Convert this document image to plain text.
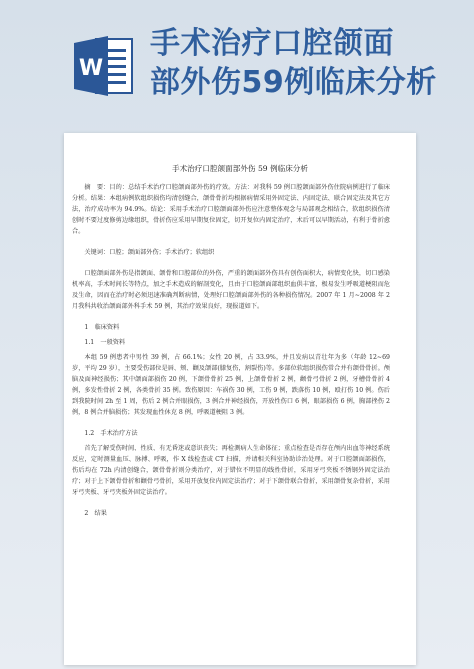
W
手术治疗口腔颌面
部外伤59例临床分析
手术治疗口腔颌面部外伤 59 例临床分析

摘　要：目的：总结手术治疗口腔颌面部外伤的疗效。方法：对我科 59 例口腔颌面部外伤住院病例进行了临床分析。结果：本组病例软组织损伤均清创缝合，颌骨骨折均根据病情采用外固定法、内固定法、联合固定法及其它方法，治疗成功率为 94.9%。结论：采用手术治疗口腔颌面部外伤应注意整体观念与局部观念相结合，软组织损伤清创时不要过度修剪边缘组织，骨折伤应采用早期复位固定，切开复位内固定治疗，术后可以早期活动，有利于骨折愈合。

关键词：口腔；颌面部外伤；手术治疗；软组织

口腔颌面部外伤是指颌面、颌骨和口腔部位的外伤，严重的颌面部外伤具有创伤面积大，病情变化快，切口感染机率高，手术时间长等特点，加之手术造成的解剖变化，且由于口腔颌面部组织血供丰富，极易发生呼吸道梗阻而危及生命，因而在治疗时必须迅速准确判断病情，处理好口腔颌面部外伤的各种损伤情况。2007 年 1 月~2008 年 2 月我科共收治颌面部外科手术 59 例，其治疗效果良好，现报道如下。

1　临床资料

1.1　一般资料

本组 59 例患者中男性 39 例，占 66.1%；女性 20 例，占 33.9%，并且发病以青壮年为多（年龄 12~69 岁，平均 29 岁），主要受伤部位是唇、颊、颧及颌部(膝复伤，割裂伤)等。多部位软组织损伤常合并有颌骨骨折。颅脑及面神经损伤；其中颌面部损伤 20 例，下颌骨骨折 25 例，上颌骨骨折 2 例，颧骨弓骨折 2 例，牙槽骨骨折 4 例，多发性骨折 2 例，各类骨折 35 例。致伤原因：车祸伤 30 例，工伤 9 例，跌落伤 10 例，殴打伤 10 例。伤后到我院时间 2h 至 1 周，伤后 2 例合并眼损伤，3 例合并神经损伤，开放性伤口 6 例，眼部损伤 6 例，胸部挫伤 2 例，8 例合并脑损伤；其发现血性休克 8 例，呼吸道梗阻 3 例。

1.2　手术治疗方法

首先了解受伤时间、性质、有无昏迷或意识丧失；再检测病人生命体征；重点检查是否存在颅内出血等神经系统反应，定时测量血压、脉搏、呼吸，作 X 线检查或 CT 扫描，并请相关科室协助诊治处理。对于口腔颌面部损伤，伤后均在 72h 内清创缝合，颌骨骨折则分类治疗，对于错位不明显的线性骨折，采用牙弓夹板不锈钢外固定法治疗；对于上下颌骨骨折和颧骨弓骨折，采用开放复位内固定法治疗；对于下颌骨联合骨折，采用颌骨复杂骨折，采用牙弓夹板、牙弓夹板外固定法治疗。

2　结果
